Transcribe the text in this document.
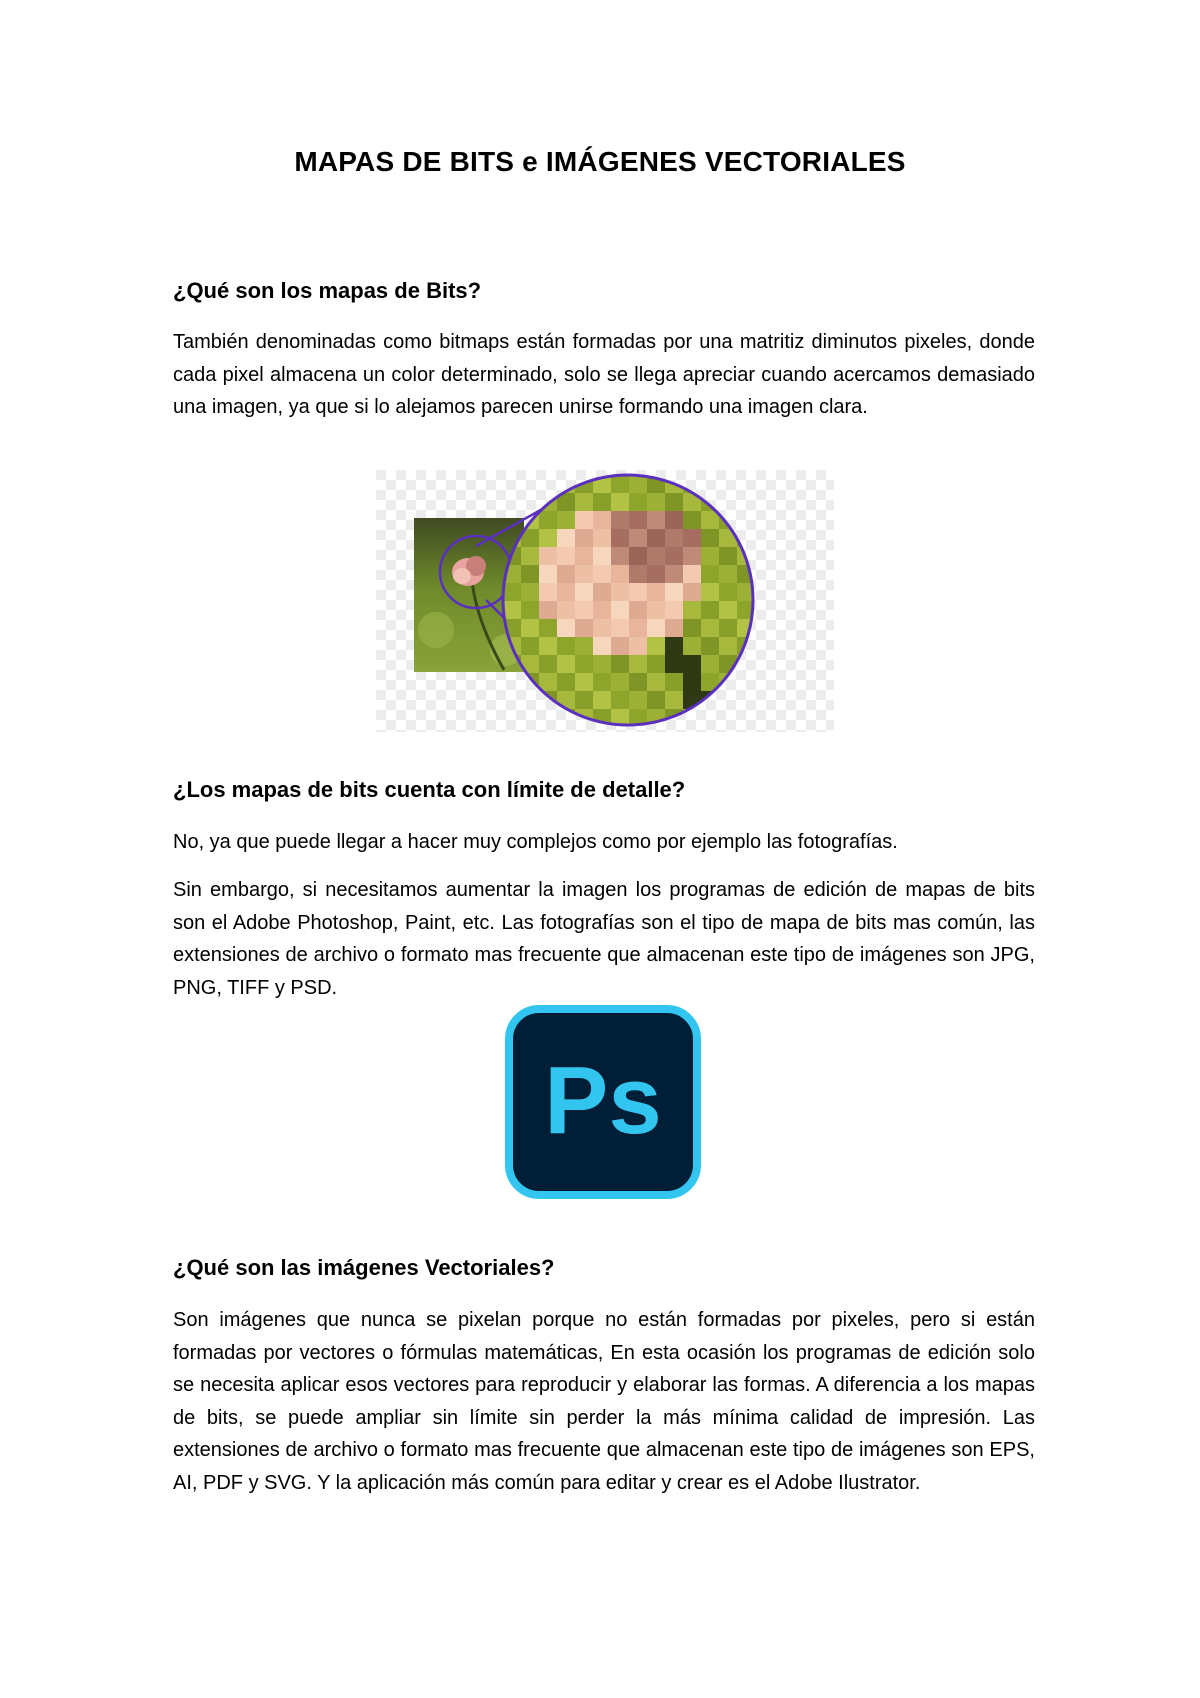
MAPAS DE BITS e IMÁGENES VECTORIALES
¿Qué son los mapas de Bits?
También denominadas como bitmaps están formadas por una matritiz diminutos pixeles, donde cada pixel almacena un color determinado, solo se llega apreciar cuando acercamos demasiado una imagen, ya que si lo alejamos parecen unirse formando una imagen clara.
¿Los mapas de bits cuenta con límite de detalle?
No, ya que puede llegar a hacer muy complejos como por ejemplo las fotografías.
Sin embargo, si necesitamos aumentar la imagen los programas de edición de mapas de bits son el Adobe Photoshop, Paint, etc. Las fotografías son el tipo de mapa de bits mas común, las extensiones de archivo o formato mas frecuente que almacenan este tipo de imágenes son JPG, PNG, TIFF y PSD.
Ps
¿Qué son las imágenes Vectoriales?
Son imágenes que nunca se pixelan porque no están formadas por pixeles, pero si están formadas por vectores o fórmulas matemáticas, En esta ocasión los programas de edición solo se necesita aplicar esos vectores para reproducir y elaborar las formas. A diferencia a los mapas de bits, se puede ampliar sin límite sin perder la más mínima calidad de impresión. Las extensiones de archivo o formato mas frecuente que almacenan este tipo de imágenes son EPS, AI, PDF y SVG. Y la aplicación más común para editar y crear es el Adobe Ilustrator.
